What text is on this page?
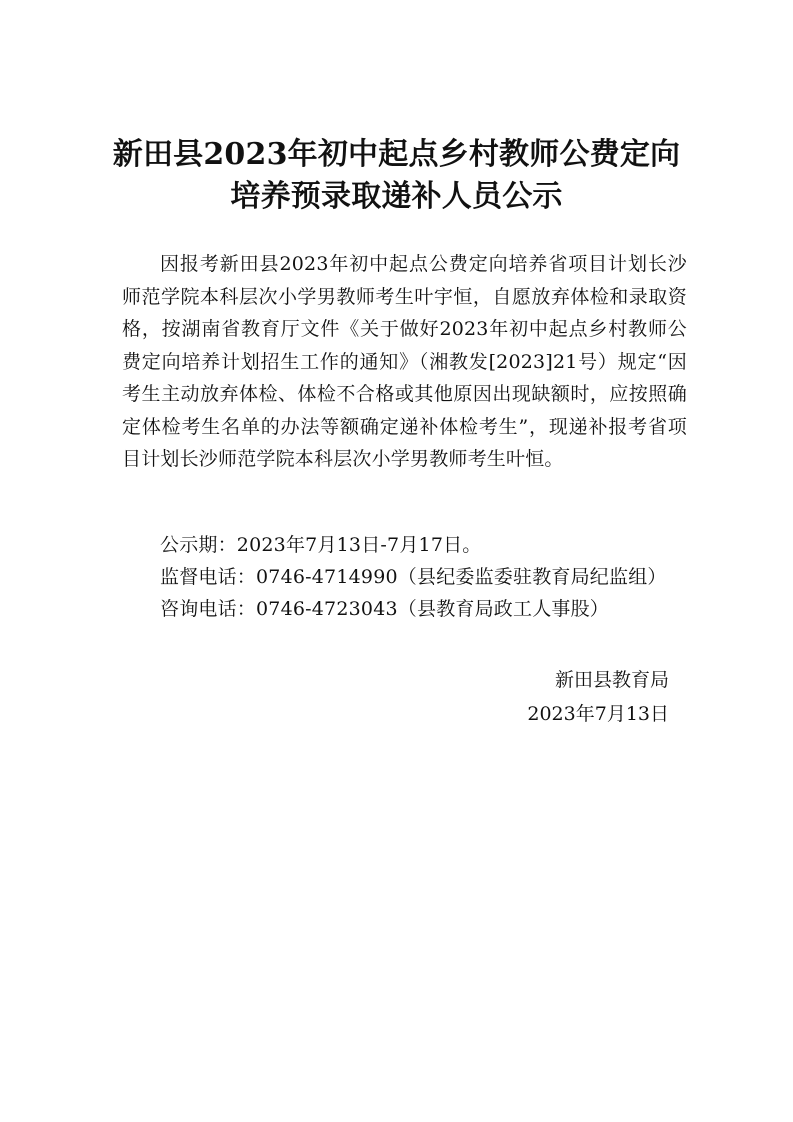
新田县2023年初中起点乡村教师公费定向
培养预录取递补人员公示
因报考新田县2023年初中起点公费定向培养省项目计划长沙师范学院本科层次小学男教师考生叶宇恒，自愿放弃体检和录取资格，按湖南省教育厅文件《关于做好2023年初中起点乡村教师公费定向培养计划招生工作的通知》（湘教发[2023]21号）规定“因考生主动放弃体检、体检不合格或其他原因出现缺额时，应按照确定体检考生名单的办法等额确定递补体检考生”，现递补报考省项目计划长沙师范学院本科层次小学男教师考生叶恒。
公示期：2023年7月13日-7月17日。
监督电话：0746-4714990（县纪委监委驻教育局纪监组）
咨询电话：0746-4723043（县教育局政工人事股）
新田县教育局
2023年7月13日
